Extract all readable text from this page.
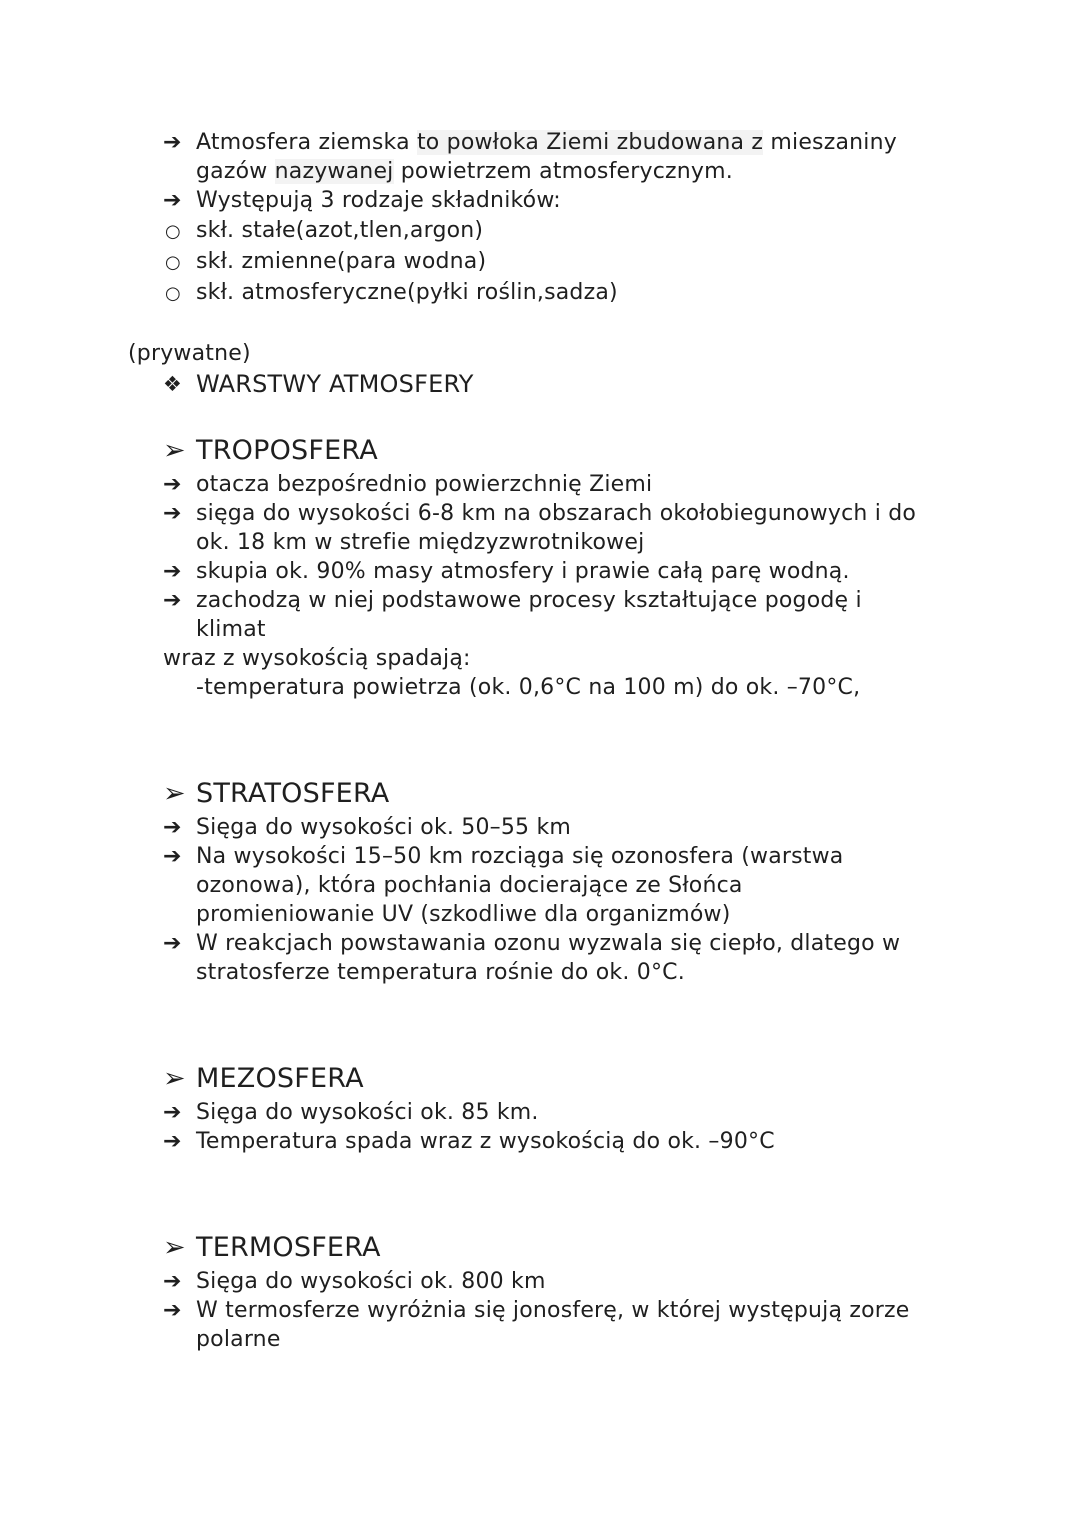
➔ Atmosfera ziemska to powłoka Ziemi zbudowana z mieszaniny
gazów nazywanej powietrzem atmosferycznym.
➔ Występują 3 rodzaje składników:
○ skł. stałe(azot,tlen,argon)
○ skł. zmienne(para wodna)
○ skł. atmosferyczne(pyłki roślin,sadza)
(prywatne)
❖ WARSTWY ATMOSFERY
➢ TROPOSFERA
➔ otacza bezpośrednio powierzchnię Ziemi
➔ sięga do wysokości 6-8 km na obszarach okołobiegunowych i do
ok. 18 km w strefie międzyzwrotnikowej
➔ skupia ok. 90% masy atmosfery i prawie całą parę wodną.
➔ zachodzą w niej podstawowe procesy kształtujące pogodę i
klimat
wraz z wysokością spadają:
-temperatura powietrza (ok. 0,6°C na 100 m) do ok. –70°C,
➢ STRATOSFERA
➔ Sięga do wysokości ok. 50–55 km
➔ Na wysokości 15–50 km rozciąga się ozonosfera (warstwa
ozonowa), która pochłania docierające ze Słońca
promieniowanie UV (szkodliwe dla organizmów)
➔ W reakcjach powstawania ozonu wyzwala się ciepło, dlatego w
stratosferze temperatura rośnie do ok. 0°C.
➢ MEZOSFERA
➔ Sięga do wysokości ok. 85 km.
➔ Temperatura spada wraz z wysokością do ok. –90°C
➢ TERMOSFERA
➔ Sięga do wysokości ok. 800 km
➔ W termosferze wyróżnia się jonosferę, w której występują zorze
polarne
